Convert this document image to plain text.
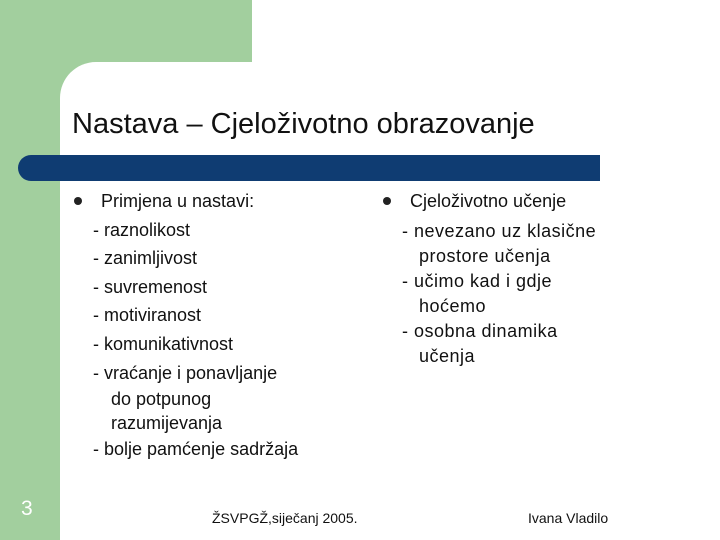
Nastava – Cjeloživotno obrazovanje
Primjena u nastavi:
- raznolikost
- zanimljivost
- suvremenost
- motiviranost
- komunikativnost
- vraćanje i ponavljanje
do potpunog
razumijevanja
- bolje pamćenje sadržaja
Cjeloživotno učenje
- nevezano uz klasične
prostore učenja
- učimo kad i gdje
hoćemo
- osobna dinamika
učenja
3	ŽSVPGŽ,siječanj 2005.	Ivana Vladilo
